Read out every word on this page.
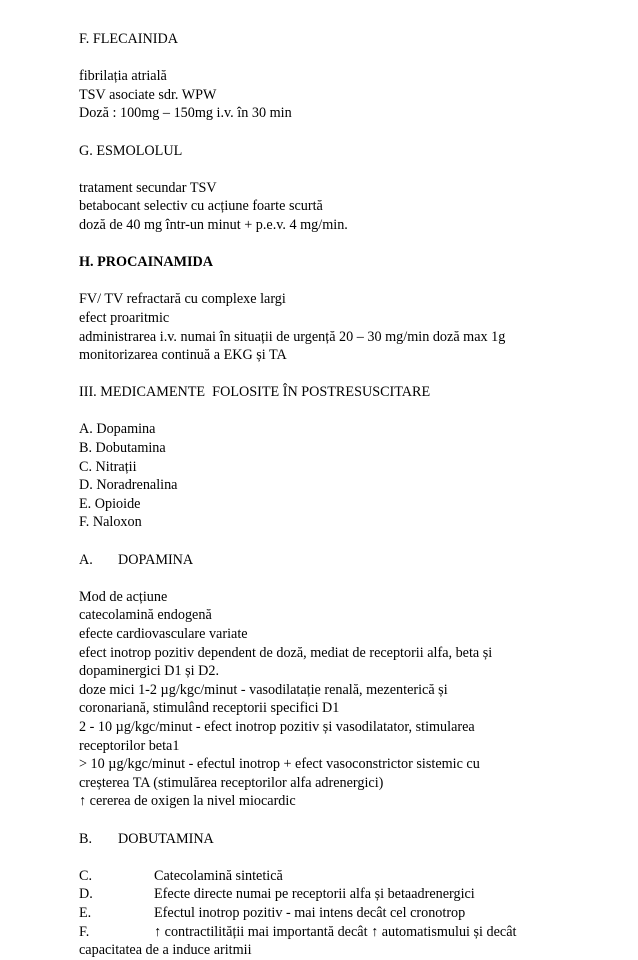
F. FLECAINIDA
fibrilația atrială
TSV asociate sdr. WPW
Doză : 100mg – 150mg i.v. în 30 min
G. ESMOLOLUL
tratament secundar TSV
betabocant selectiv cu acțiune foarte scurtă
doză de 40 mg într-un minut + p.e.v. 4 mg/min.
H. PROCAINAMIDA
FV/ TV refractară cu complexe largi
efect proaritmic
administrarea i.v. numai în situații de urgență 20 – 30 mg/min doză max 1g
monitorizarea continuă a EKG și TA
III. MEDICAMENTE  FOLOSITE ÎN POSTRESUSCITARE
A. Dopamina
B. Dobutamina
C. Nitrații
D. Noradrenalina
E. Opioide
F. Naloxon
A.	DOPAMINA
Mod de acțiune
catecolamină endogenă
efecte cardiovasculare variate
efect inotrop pozitiv dependent de doză, mediat de receptorii alfa, beta și
dopaminergici D1 și D2.
doze mici 1-2 µg/kgc/minut - vasodilatație renală, mezenterică și
coronariană, stimulând receptorii specifici D1
2 - 10 µg/kgc/minut - efect inotrop pozitiv și vasodilatator, stimularea
receptorilor beta1
> 10 µg/kgc/minut - efectul inotrop + efect vasoconstrictor sistemic cu
creșterea TA (stimulărea receptorilor alfa adrenergici)
↑ cererea de oxigen la nivel miocardic
B.	DOBUTAMINA
C.	Catecolamină sintetică
D.	Efecte directe numai pe receptorii alfa și betaadrenergici
E.	Efectul inotrop pozitiv - mai intens decât cel cronotrop
F.	↑ contractilității mai importantă decât ↑ automatismului și decât
capacitatea de a induce aritmii
